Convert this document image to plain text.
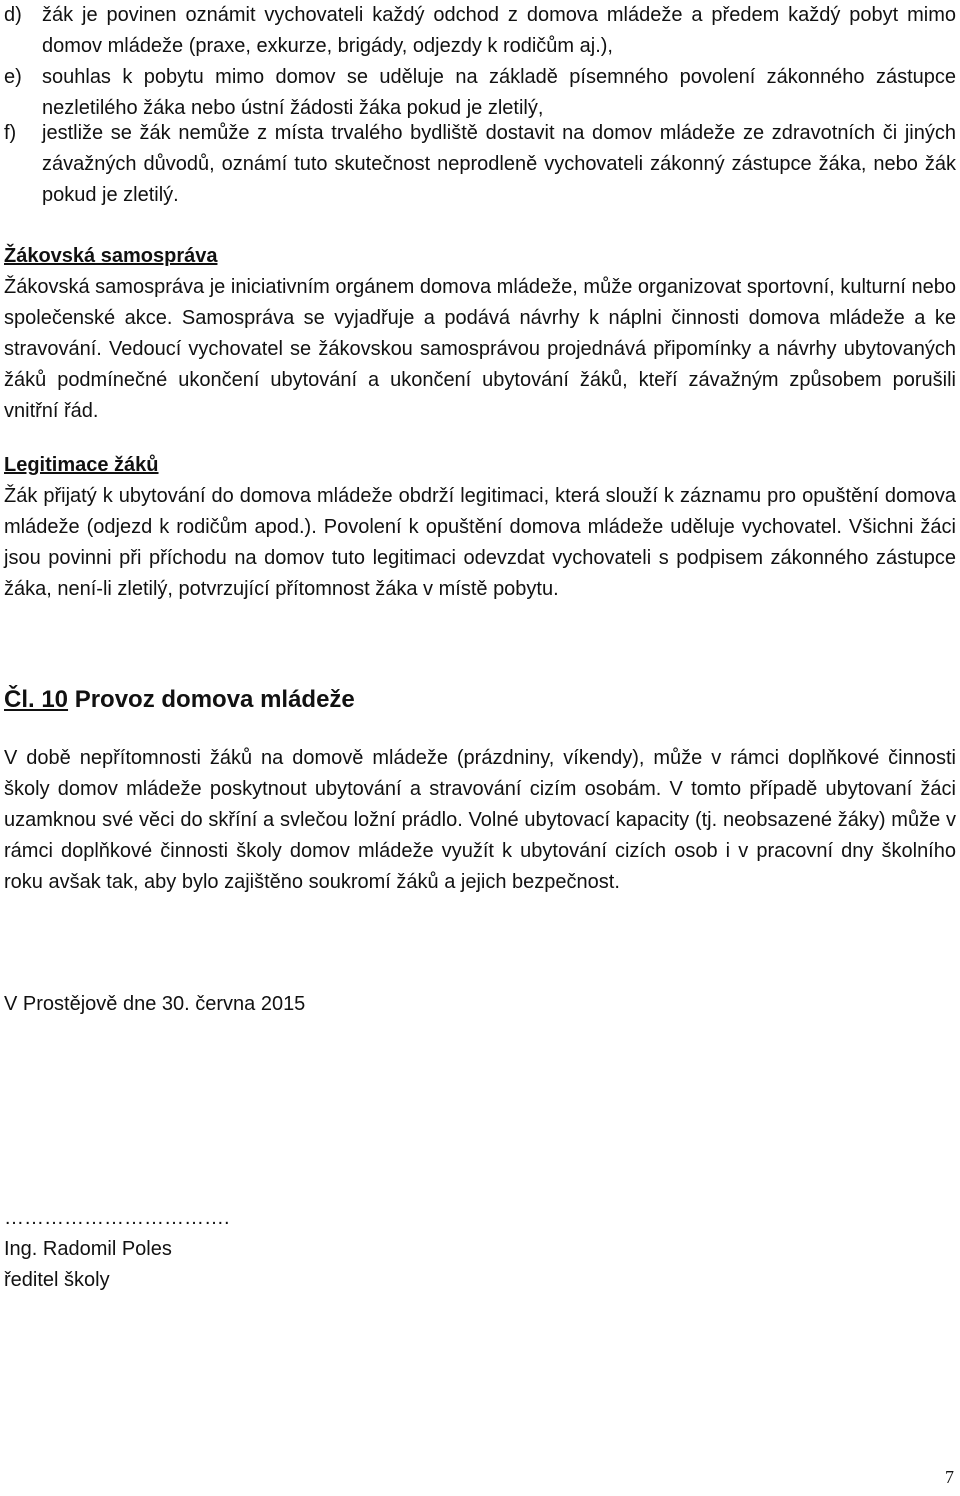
d) žák je povinen oznámit vychovateli každý odchod z domova mládeže a předem každý pobyt mimo domov mládeže (praxe, exkurze, brigády, odjezdy k rodičům aj.),
e) souhlas k pobytu mimo domov se uděluje na základě písemného povolení zákonného zástupce nezletilého žáka nebo ústní žádosti žáka pokud je zletilý,
f) jestliže se žák nemůže z místa trvalého bydliště dostavit na domov mládeže ze zdravotních či jiných závažných důvodů, oznámí tuto skutečnost neprodleně vychovateli zákonný zástupce žáka, nebo žák pokud je zletilý.
Žákovská samospráva
Žákovská samospráva je iniciativním orgánem domova mládeže, může organizovat sportovní, kulturní nebo společenské akce. Samospráva se vyjadřuje a podává návrhy k náplni činnosti domova mládeže a ke stravování. Vedoucí vychovatel se žákovskou samosprávou projednává připomínky a návrhy ubytovaných žáků podmínečné ukončení ubytování a ukončení ubytování žáků, kteří závažným způsobem porušili vnitřní řád.
Legitimace žáků
Žák přijatý k ubytování do domova mládeže obdrží legitimaci, která slouží k záznamu pro opuštění domova mládeže (odjezd k rodičům apod.). Povolení k opuštění domova mládeže uděluje vychovatel. Všichni žáci jsou povinni při příchodu na domov tuto legitimaci odevzdat vychovateli s podpisem zákonného zástupce žáka, není-li zletilý, potvrzující přítomnost žáka v místě pobytu.
Čl. 10 Provoz domova mládeže
V době nepřítomnosti žáků na domově mládeže (prázdniny, víkendy), může v rámci doplňkové činnosti školy domov mládeže poskytnout ubytování a stravování cizím osobám. V tomto případě ubytovaní žáci uzamknou své věci do skříní a svlečou ložní prádlo. Volné ubytovací kapacity (tj. neobsazené žáky) může v rámci doplňkové činnosti školy domov mládeže využít k ubytování cizích osob i v pracovní dny školního roku avšak tak, aby bylo zajištěno soukromí žáků a jejich bezpečnost.
V Prostějově dne 30. června 2015
…………………………….
Ing. Radomil Poles
ředitel školy
7
